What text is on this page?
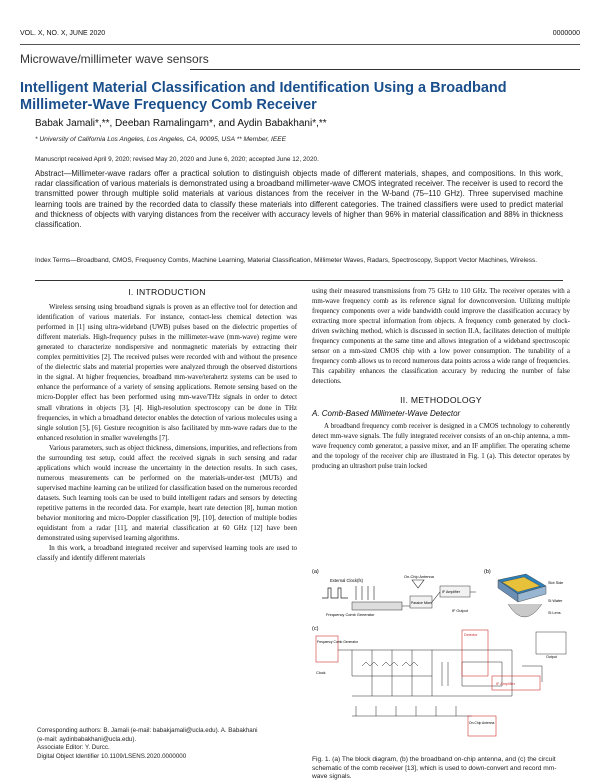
VOL. X, NO. X, JUNE 2020	0000000
Microwave/millimeter wave sensors
Intelligent Material Classification and Identification Using a Broadband Millimeter-Wave Frequency Comb Receiver
Babak Jamali*,**, Deeban Ramalingam*, and Aydin Babakhani*,**
* University of California Los Angeles, Los Angeles, CA, 90095, USA ** Member, IEEE
Manuscript received April 9, 2020; revised May 20, 2020 and June 6, 2020; accepted June 12, 2020.
Abstract—Millimeter-wave radars offer a practical solution to distinguish objects made of different materials, shapes, and compositions. In this work, radar classification of various materials is demonstrated using a broadband millimeter-wave CMOS integrated receiver. The receiver is used to record the transmitted power through multiple solid materials at various distances from the receiver in the W-band (75–110 GHz). Three supervised machine learning tools are trained by the recorded data to classify these materials into different categories. The trained classifiers were used to predict material and thickness of objects with varying distances from the receiver with accuracy levels of higher than 96% in material classification and 88% in thickness classification.
Index Terms—Broadband, CMOS, Frequency Combs, Machine Learning, Material Classification, Millimeter Waves, Radars, Spectroscopy, Support Vector Machines, Wireless.
I. INTRODUCTION

Wireless sensing using broadband signals is proven as an effective tool for detection and identification of various materials. For instance, contact-less chemical detection was performed in [1] using ultra-wideband (UWB) pulses based on the dielectric properties of different materials. High-frequency pulses in the millimeter-wave (mm-wave) regime were generated to characterize nondispersive and nonmagnetic materials by extracting their complex permittivities [2]. The received pulses were recorded with and without the presence of the dielectric slabs and material properties were analyzed through the observed distortions in the signal. At higher frequencies, broadband mm-wave/terahertz systems can be used to enhance the performance of a variety of sensing applications. Remote sensing based on the micro-Doppler effect has been performed using mm-wave/THz signals in order to detect small vibrations in objects [3], [4]. High-resolution spectroscopy can be done in THz frequencies, in which a broadband detector enables the detection of various molecules using a single solution [5], [6]. Gesture recognition is also facilitated by mm-wave radars due to the enhanced resolution in smaller wavelengths [7].

Various parameters, such as object thickness, dimensions, impurities, and reflections from the surrounding test setup, could affect the received signals in such sensing and radar applications which would increase the uncertainty in the detection results. In such cases, numerous measurements can be performed on the materials-under-test (MUTs) and supervised machine learning can be utilized for classification based on the numerous recorded datasets. Such learning tools can be used to build intelligent radars and sensors by detecting repetitive patterns in the recorded data. For example, heart rate detection [8], human motion behavior monitoring and micro-Doppler classification [9], [10], detection of multiple bodies equidistant from a radar [11], and material classification at 60 GHz [12] have been demonstrated using supervised learning algorithms.

In this work, a broadband integrated receiver and supervised learning tools are used to classify and identify different materials

Corresponding authors: B. Jamali (e-mail: babakjamali@ucla.edu). A. Babakhani
(e-mail: aydinbabakhani@ucla.edu).
Associate Editor: Y. Durcc.
Digital Object Identifier 10.1109/LSENS.2020.0000000

using their measured transmissions from 75 GHz to 110 GHz. The receiver operates with a mm-wave frequency comb as its reference signal for downconversion. Utilizing multiple frequency components over a wide bandwidth could improve the classification accuracy by extracting more spectral information from objects. A frequency comb generated by clock-driven switching method, which is discussed in section II.A, facilitates detection of multiple frequency components at the same time and allows integration of a wideband spectroscopic sensor on a mm-sized CMOS chip with a low power consumption. The tunability of a frequency comb allows us to record numerous data points across a wide range of frequencies. This capability enhances the classification accuracy by reducing the number of false detections.

II. METHODOLOGY
A. Comb-Based Millimeter-Wave Detector

A broadband frequency comb receiver is designed in a CMOS technology to coherently detect mm-wave signals. The fully integrated receiver consists of an on-chip antenna, a mm-wave frequency comb generator, a passive mixer, and an IF amplifier. The operating scheme and the topology of the receiver chip are illustrated in Fig. 1 (a). This detector operates by producing an ultrashort pulse train locked

(a)
External Clock(fs)
Frequency Comb Generator
On-Chip Antenna
Passive Mixer
IF Amplifier
IF Output
(b)
Slot Side
Si Wafer
Si Lens
(c)
Frequency Comb Generator
Clock
Detector
IF Amplifier
Output
On-Chip Antenna
Fig. 1. (a) The block diagram, (b) the broadband on-chip antenna, and (c) the circuit schematic of the comb receiver [13], which is used to down-convert and record mm-wave signals.
